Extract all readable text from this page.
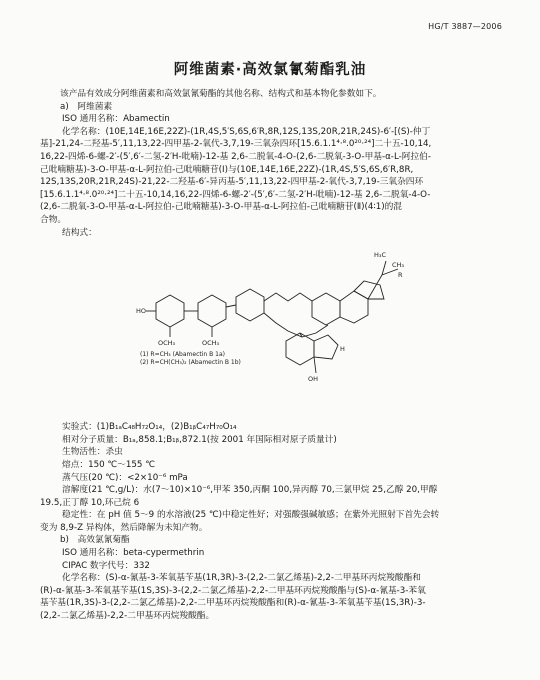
HG/T 3887—2006
阿维菌素·高效氯氰菊酯乳油

该产品有效成分阿维菌素和高效氯氰菊酯的其他名称、结构式和基本物化参数如下。

a)　阿维菌素

ISO 通用名称：Abamectin

化学名称：(10E,14E,16E,22Z)-(1R,4S,5′S,6S,6′R,8R,12S,13S,20R,21R,24S)-6′-[(S)-仲丁

基]-21,24-二羟基-5′,11,13,22-四甲基-2-氧代-3,7,19-三氧杂四环[15.6.1.1⁴·⁸.0²⁰·²⁴]二十五-10,14,

16,22-四烯-6-螺-2′-(5′,6′-二氢-2′H-吡喃)-12-基 2,6-二脱氧-4-O-(2,6-二脱氧-3-O-甲基-α-L-阿拉伯-

己吡喃糖基)-3-O-甲基-α-L-阿拉伯-己吡喃糖苷(Ⅰ)与(10E,14E,16E,22Z)-(1R,4S,5′S,6S,6′R,8R,

12S,13S,20R,21R,24S)-21,22-二羟基-6′-异丙基-5′,11,13,22-四甲基-2-氧代-3,7,19-三氧杂四环

[15.6.1.1⁴·⁸.0²⁰·²⁴]二十五-10,14,16,22-四烯-6-螺-2′-(5′,6′-二氢-2′H-吡喃)-12-基 2,6-二脱氧-4-O-

(2,6-二脱氧-3-O-甲基-α-L-阿拉伯-己吡喃糖基)-3-O-甲基-α-L-阿拉伯-己吡喃糖苷(Ⅱ)(4∶1)的混

合物。

结构式：

H₃C
CH₃
R
HO
OCH₃	OCH₃
OH
H
(1) R=CH₃ (Abamectin B 1a)
(2) R=CH(CH₃)₂ (Abamectin B 1b)

实验式：(1)B₁ₐC₄₈H₇₂O₁₄，(2)B₁ᵦC₄₇H₇₀O₁₄

相对分子质量：B₁ₐ,858.1;B₁ᵦ,872.1(按 2001 年国际相对原子质量计)

生物活性：杀虫

熔点：150 ℃～155 ℃

蒸气压(20 ℃)：<2×10⁻⁶ mPa

溶解度(21 ℃,g/L)：水(7～10)×10⁻⁶,甲苯 350,丙酮 100,异丙醇 70,三氯甲烷 25,乙醇 20,甲醇

19.5,正丁醇 10,环己烷 6

稳定性：在 pH 值 5～9 的水溶液(25 ℃)中稳定性好；对强酸强碱敏感；在紫外光照射下首先会转

变为 8,9-Z 异构体，然后降解为未知产物。

b)　高效氯氰菊酯

ISO 通用名称：beta-cypermethrin

CIPAC 数字代号：332

化学名称：(S)-α-氰基-3-苯氧基苄基(1R,3R)-3-(2,2-二氯乙烯基)-2,2-二甲基环丙烷羧酸酯和

(R)-α-氰基-3-苯氧基苄基(1S,3S)-3-(2,2-二氯乙烯基)-2,2-二甲基环丙烷羧酸酯与(S)-α-氰基-3-苯氧

基苄基(1R,3S)-3-(2,2-二氯乙烯基)-2,2-二甲基环丙烷羧酸酯和(R)-α-氰基-3-苯氧基苄基(1S,3R)-3-

(2,2-二氯乙烯基)-2,2-二甲基环丙烷羧酸酯。
